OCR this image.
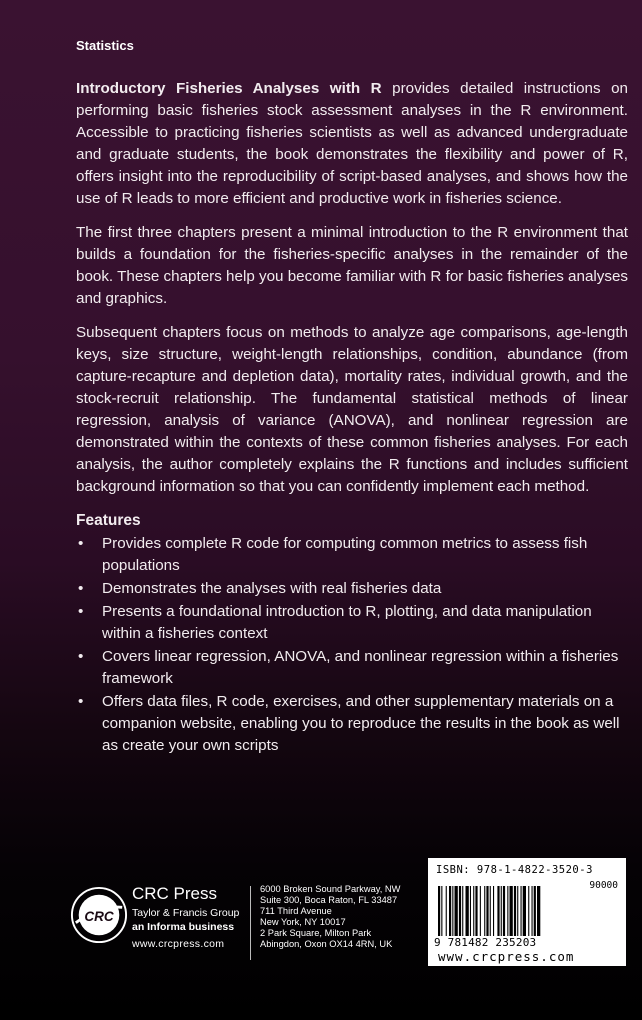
Statistics

Introductory Fisheries Analyses with R provides detailed instructions on performing basic fisheries stock assessment analyses in the R environment. Accessible to practicing fisheries scientists as well as advanced undergraduate and graduate students, the book demonstrates the flexibility and power of R, offers insight into the reproducibility of script-based analyses, and shows how the use of R leads to more efficient and productive work in fisheries science.

The first three chapters present a minimal introduction to the R environment that builds a foundation for the fisheries-specific analyses in the remainder of the book. These chapters help you become familiar with R for basic fisheries analyses and graphics.

Subsequent chapters focus on methods to analyze age comparisons, age-length keys, size structure, weight-length relationships, condition, abundance (from capture-recapture and depletion data), mortality rates, individual growth, and the stock-recruit relationship. The fundamental statistical methods of linear regression, analysis of variance (ANOVA), and nonlinear regression are demonstrated within the contexts of these common fisheries analyses. For each analysis, the author completely explains the R functions and includes sufficient background information so that you can confidently implement each method.

Features
• Provides complete R code for computing common metrics to assess fish populations
• Demonstrates the analyses with real fisheries data
• Presents a foundational introduction to R, plotting, and data manipulation within a fisheries context
• Covers linear regression, ANOVA, and nonlinear regression within a fisheries framework
• Offers data files, R code, exercises, and other supplementary materials on a companion website, enabling you to reproduce the results in the book as well as create your own scripts
CRC
CRC Press
Taylor & Francis Group
an Informa business
www.crcpress.com
6000 Broken Sound Parkway, NW
Suite 300, Boca Raton, FL 33487
711 Third Avenue
New York, NY 10017
2 Park Square, Milton Park
Abingdon, Oxon OX14 4RN, UK
ISBN: 978-1-4822-3520-3
90000
9 781482 235203
www.crcpress.com
